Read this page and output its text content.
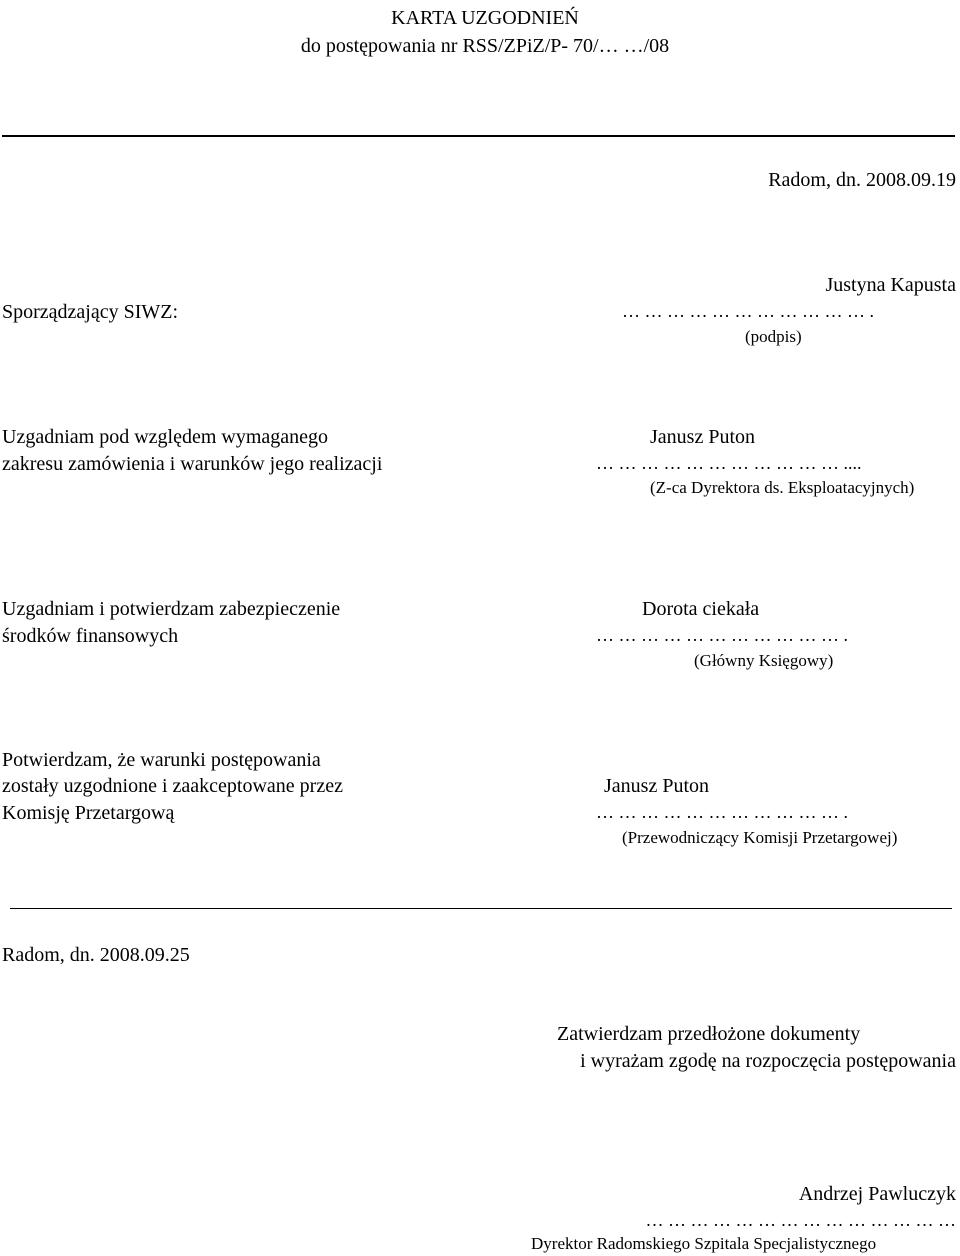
KARTA UZGODNIEŃ
do postępowania nr RSS/ZPiZ/P- 70/… …/08
Radom, dn. 2008.09.19
Sporządzający SIWZ:
Justyna Kapusta
… … … … … … … … … … … .
(podpis)
Uzgadniam pod względem wymaganego
zakresu zamówienia i warunków jego realizacji
Janusz Puton
… … … … … … … … … … … ....
(Z-ca Dyrektora ds. Eksploatacyjnych)
Uzgadniam i potwierdzam zabezpieczenie
środków finansowych
Dorota ciekała
… … … … … … … … … … … .
(Główny Księgowy)
Potwierdzam, że warunki postępowania
zostały uzgodnione i zaakceptowane przez
Komisję Przetargową
Janusz Puton
… … … … … … … … … … … .
(Przewodniczący Komisji Przetargowej)
Radom, dn. 2008.09.25
Zatwierdzam przedłożone dokumenty
i wyrażam zgodę na rozpoczęcia postępowania
Andrzej Pawluczyk
… … … … … … … … … … … … … …
Dyrektor Radomskiego Szpitala Specjalistycznego
